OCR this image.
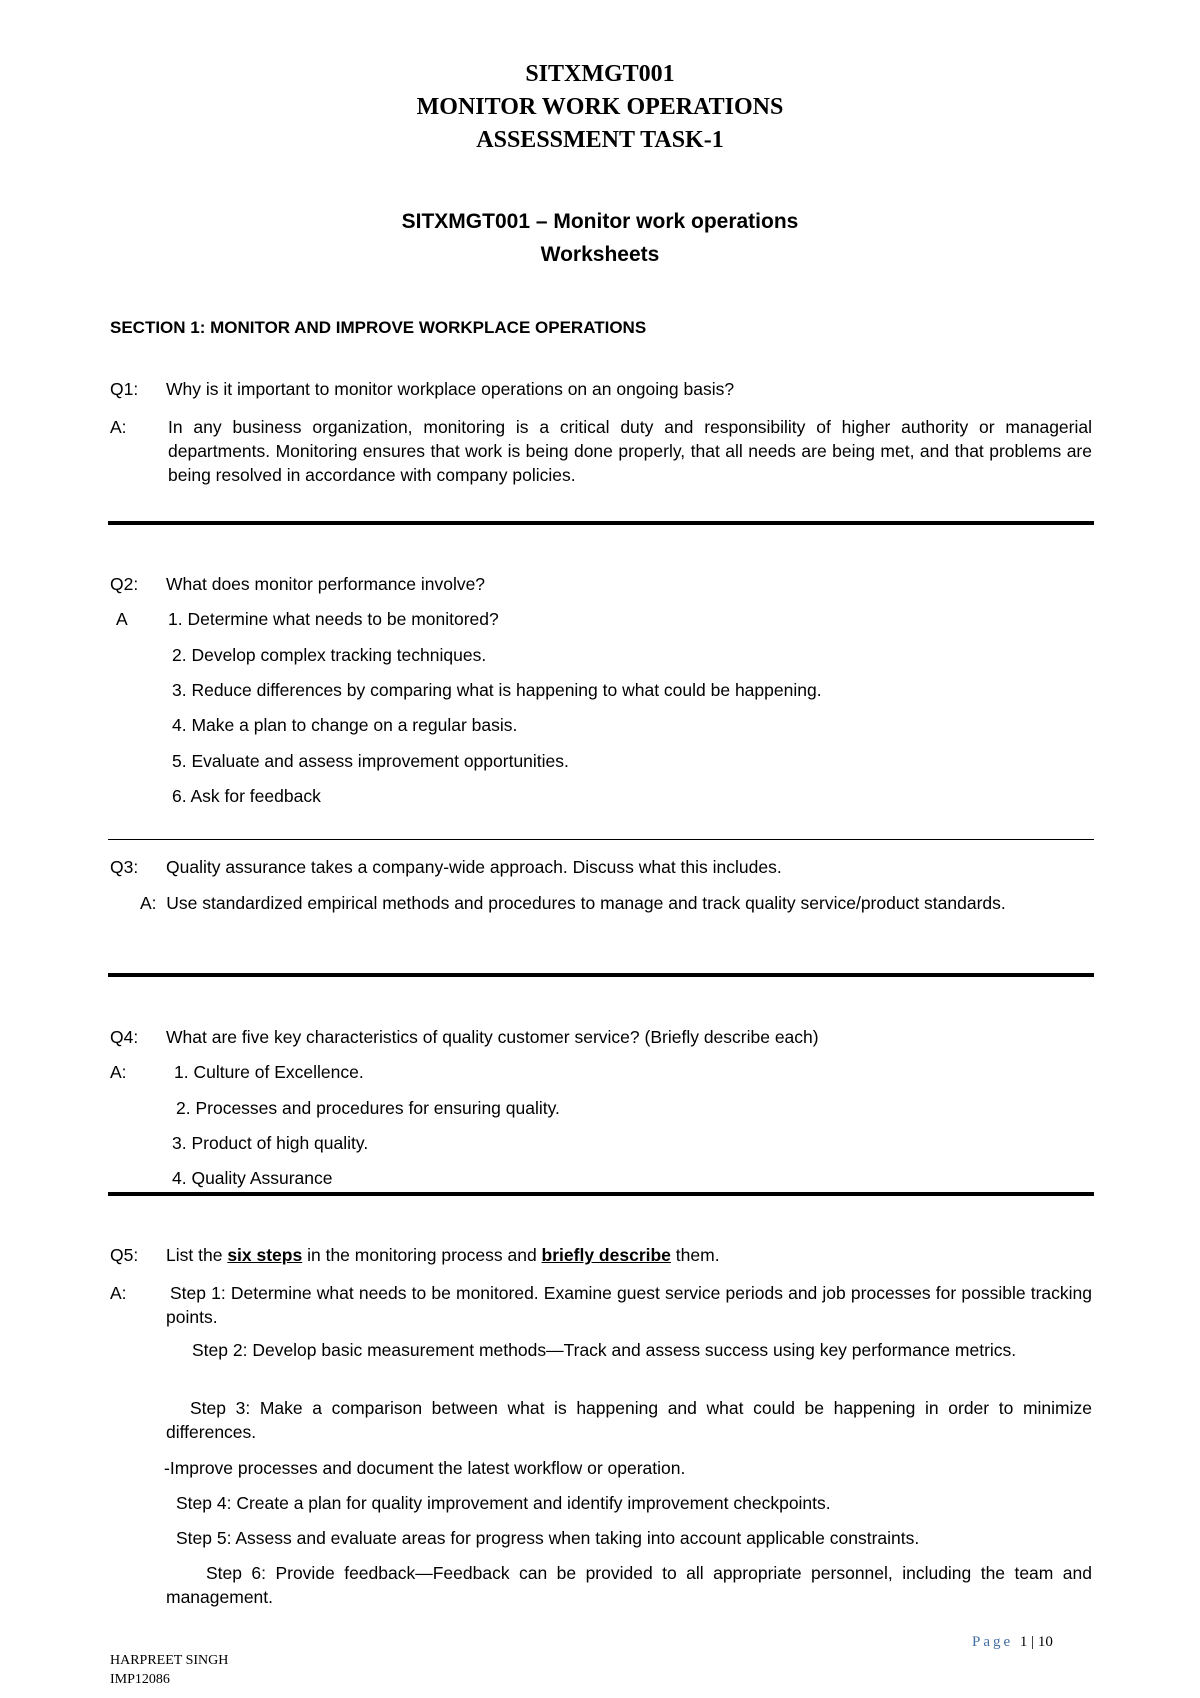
SITXMGT001
MONITOR WORK OPERATIONS
ASSESSMENT TASK-1
SITXMGT001 – Monitor work operations
Worksheets
SECTION 1: MONITOR AND IMPROVE WORKPLACE OPERATIONS
Q1: Why is it important to monitor workplace operations on an ongoing basis?
A: In any business organization, monitoring is a critical duty and responsibility of higher authority or managerial departments. Monitoring ensures that work is being done properly, that all needs are being met, and that problems are being resolved in accordance with company policies.
Q2: What does monitor performance involve?
A 1. Determine what needs to be monitored?
2. Develop complex tracking techniques.
3. Reduce differences by comparing what is happening to what could be happening.
4. Make a plan to change on a regular basis.
5. Evaluate and assess improvement opportunities.
6. Ask for feedback
Q3: Quality assurance takes a company-wide approach. Discuss what this includes.
A: Use standardized empirical methods and procedures to manage and track quality service/product standards.
Q4: What are five key characteristics of quality customer service? (Briefly describe each)
A:	1. Culture of Excellence.
2. Processes and procedures for ensuring quality.
3. Product of high quality.
4. Quality Assurance
Q5: List the six steps in the monitoring process and briefly describe them.
A: Step 1: Determine what needs to be monitored. Examine guest service periods and job processes for possible tracking points.
Step 2: Develop basic measurement methods—Track and assess success using key performance metrics.
Step 3: Make a comparison between what is happening and what could be happening in order to minimize differences.
-Improve processes and document the latest workflow or operation.
Step 4: Create a plan for quality improvement and identify improvement checkpoints.
Step 5: Assess and evaluate areas for progress when taking into account applicable constraints.
Step 6: Provide feedback—Feedback can be provided to all appropriate personnel, including the team and management.
Page 1 | 10
HARPREET SINGH
IMP12086
